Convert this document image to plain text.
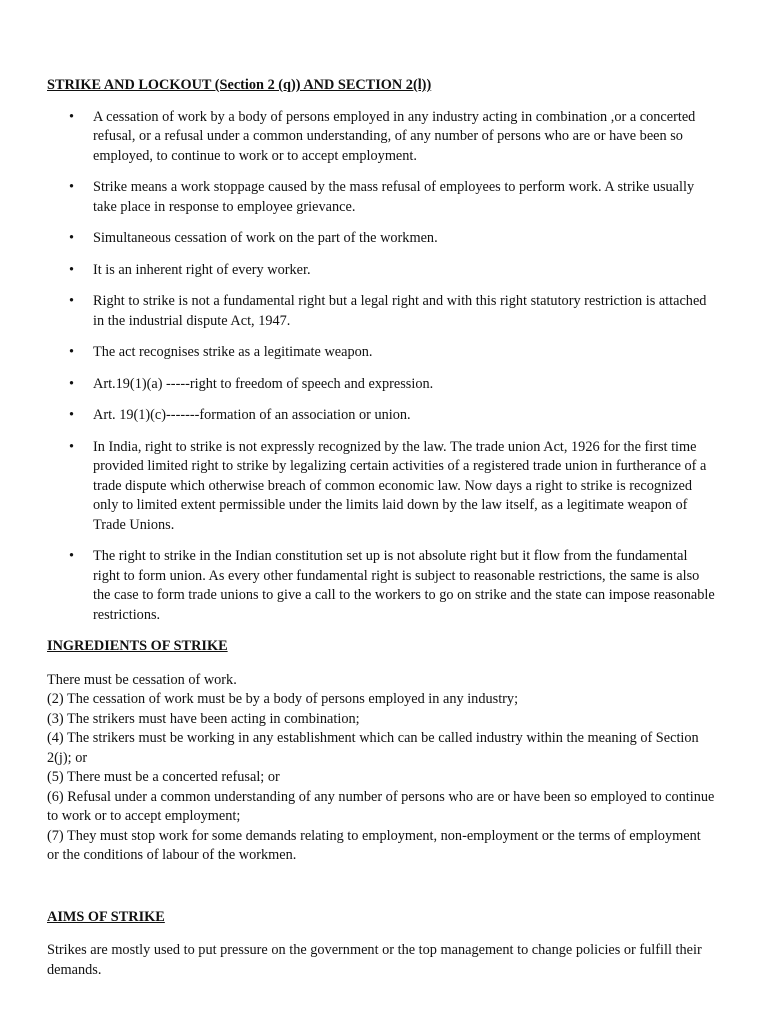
STRIKE AND LOCKOUT (Section 2 (q)) AND SECTION 2(l))

• A cessation of work by a body of persons employed in any industry acting in combination ,or a concerted refusal, or a refusal under a common understanding, of any number of persons who are or have been so employed, to continue to work or to accept employment.
• Strike means a work stoppage caused by the mass refusal of employees to perform work. A strike usually take place in response to employee grievance.
• Simultaneous cessation of work on the part of the workmen.
• It is an inherent right of every worker.
• Right to strike is not a fundamental right but a legal right and with this right statutory restriction is attached in the industrial dispute Act, 1947.
• The act recognises strike as a legitimate weapon.
• Art.19(1)(a) -----right to freedom of speech and expression.
• Art. 19(1)(c)-------formation of an association or union.
• In India, right to strike is not expressly recognized by the law. The trade union Act, 1926 for the first time provided limited right to strike by legalizing certain activities of a registered trade union in furtherance of a trade dispute which otherwise breach of common economic law. Now days a right to strike is recognized only to limited extent permissible under the limits laid down by the law itself, as a legitimate weapon of Trade Unions.
• The right to strike in the Indian constitution set up is not absolute right but it flow from the fundamental right to form union. As every other fundamental right is subject to reasonable restrictions, the same is also the case to form trade unions to give a call to the workers to go on strike and the state can impose reasonable restrictions.

INGREDIENTS OF STRIKE

There must be cessation of work.
(2) The cessation of work must be by a body of persons employed in any industry;
(3) The strikers must have been acting in combination;
(4) The strikers must be working in any establishment which can be called industry within the meaning of Section 2(j); or
(5) There must be a concerted refusal; or
(6) Refusal under a common understanding of any number of persons who are or have been so employed to continue to work or to accept employment;
(7) They must stop work for some demands relating to employment, non-employment or the terms of employment or the conditions of labour of the workmen.

AIMS OF STRIKE

Strikes are mostly used to put pressure on the government or the top management to change policies or fulfill their demands.
